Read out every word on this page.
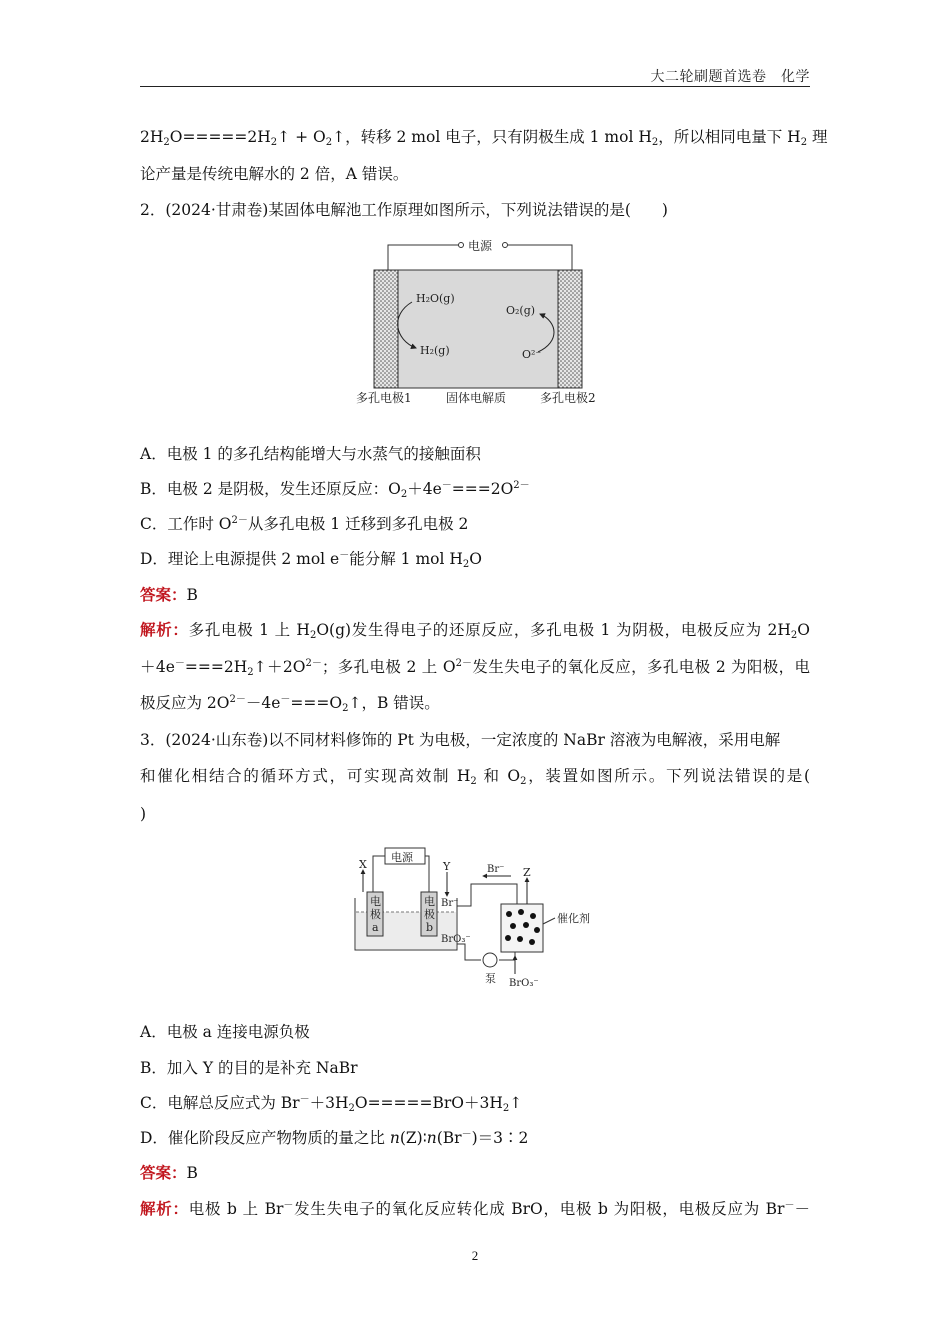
大二轮刷题首选卷　化学
$2H_2O=====2H_2↑$ + $O_2↑$，转移 2 mol 电子，只有阴极生成 1 mol $H_2$，所以相同电量下 $H_2$ 理
论产量是传统电解水的 2 倍，A 错误。
2．(2024·甘肃卷)某固体电解池工作原理如图所示，下列说法错误的是(　　)
电源
H₂O(g)
H₂(g)
O₂(g)
O²⁻
多孔电极1	固体电解质	多孔电极2
A．电极 1 的多孔结构能增大与水蒸气的接触面积
B．电极 2 是阴极，发生还原反应：$O_2+4e^-===2O^{2-}$
C．工作时 $O^{2-}$从多孔电极 1 迁移到多孔电极 2
D．理论上电源提供 2 mol e－能分解 1 mol $H_2O$
答案：B
解析：多孔电极 1 上 $H_2O(g)$发生得电子的还原反应，多孔电极 1 为阴极，电极反应为 $2H_2O$
$+4e^-===2H_2↑+2O^{2-}$；多孔电极 2 上 $O^{2-}$发生失电子的氧化反应，多孔电极 2 为阳极，电
极反应为 $2O^{2-}-4e^-===O_2↑$，B 错误。
3．(2024·山东卷)以不同材料修饰的 Pt 为电极，一定浓度的 NaBr 溶液为电解液，采用电解
和催化相结合的循环方式，可实现高效制 $H_2$ 和 $O_2$，装置如图所示。下列说法错误的是(
)
电源
电
极
a
电
极
b
X	Y
Br⁻
BrO₃⁻
Br⁻
催化剂
Z
泵 BrO₃⁻
A．电极 a 连接电源负极
B．加入 Y 的目的是补充 NaBr
C．电解总反应式为 $Br^-+3H_2O=====BrO+3H_2↑$
D．催化阶段反应产物物质的量之比 n(Z)∶n(Br－)＝3∶2
答案：B
解析：电极 b 上 Br－发生失电子的氧化反应转化成 BrO，电极 b 为阳极，电极反应为 Br－－
2
